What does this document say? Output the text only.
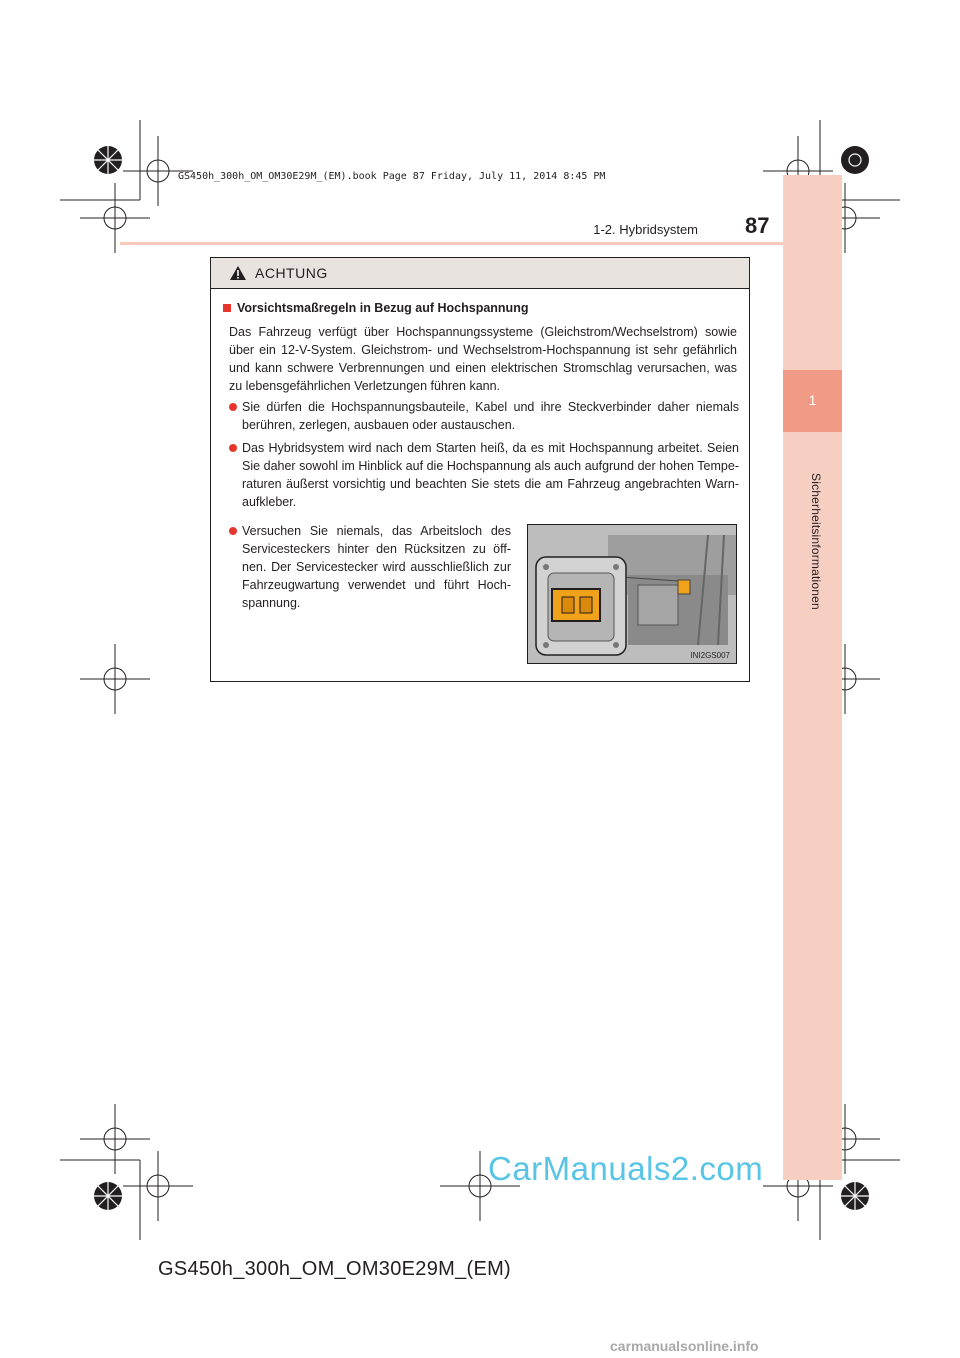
1
Sicherheitsinformationen
GS450h_300h_OM_OM30E29M_(EM).book Page 87 Friday, July 11, 2014 8:45 PM
1-2. Hybridsystem 87
ACHTUNG
Vorsichtsmaßregeln in Bezug auf Hochspannung
Das Fahrzeug verfügt über Hochspannungssysteme (Gleichstrom/Wechselstrom) sowie über ein 12-V-System. Gleichstrom- und Wechselstrom-Hochspannung ist sehr gefährlich und kann schwere Verbrennungen und einen elektrischen Stromschlag verursachen, was zu lebensgefährlichen Verletzungen führen kann.
Sie dürfen die Hochspannungsbauteile, Kabel und ihre Steckverbinder daher niemals berühren, zerlegen, ausbauen oder austauschen.
Das Hybridsystem wird nach dem Starten heiß, da es mit Hochspannung arbeitet. Seien Sie daher sowohl im Hinblick auf die Hochspannung als auch aufgrund der hohen Tempe-raturen äußerst vorsichtig und beachten Sie stets die am Fahrzeug angebrachten Warn-aufkleber.
Versuchen Sie niemals, das Arbeitsloch des Servicesteckers hinter den Rücksitzen zu öff-nen. Der Servicestecker wird ausschließlich zur Fahrzeugwartung verwendet und führt Hoch-spannung.
INI2GS007
CarManuals2.com
GS450h_300h_OM_OM30E29M_(EM)
carmanualsonline.info
